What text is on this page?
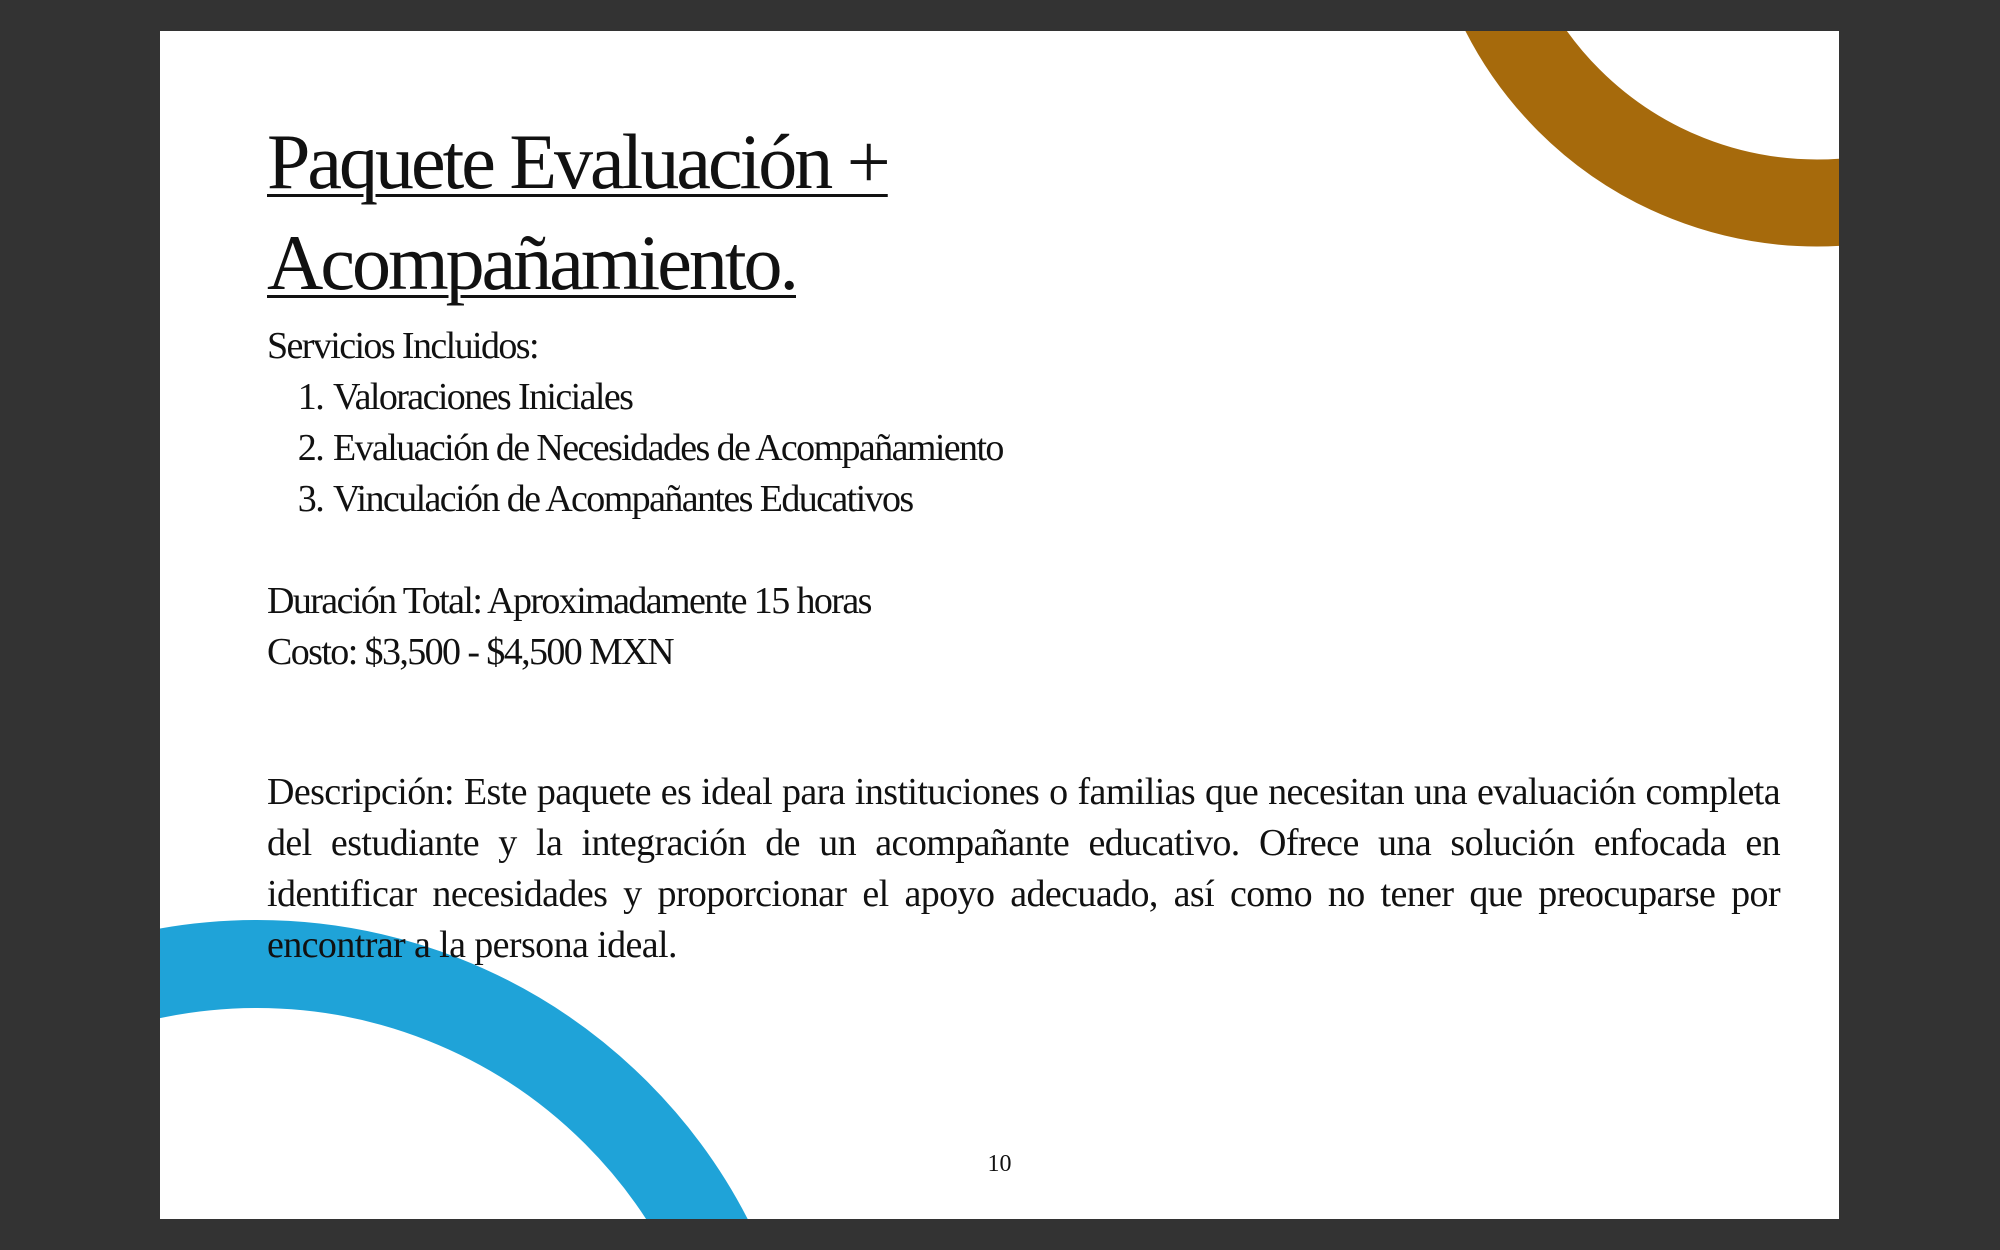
Paquete Evaluación +
Acompañamiento.
Servicios Incluidos:
1. Valoraciones Iniciales
2. Evaluación de Necesidades de Acompañamiento
3. Vinculación de Acompañantes Educativos
Duración Total: Aproximadamente 15 horas
Costo: $3,500 - $4,500 MXN

Descripción: Este paquete es ideal para instituciones o familias que necesitan una evaluación completa del estudiante y la integración de un acompañante educativo. Ofrece una solución enfocada en identificar necesidades y proporcionar el apoyo adecuado, así como no tener que preocuparse por encontrar a la persona ideal.

10
